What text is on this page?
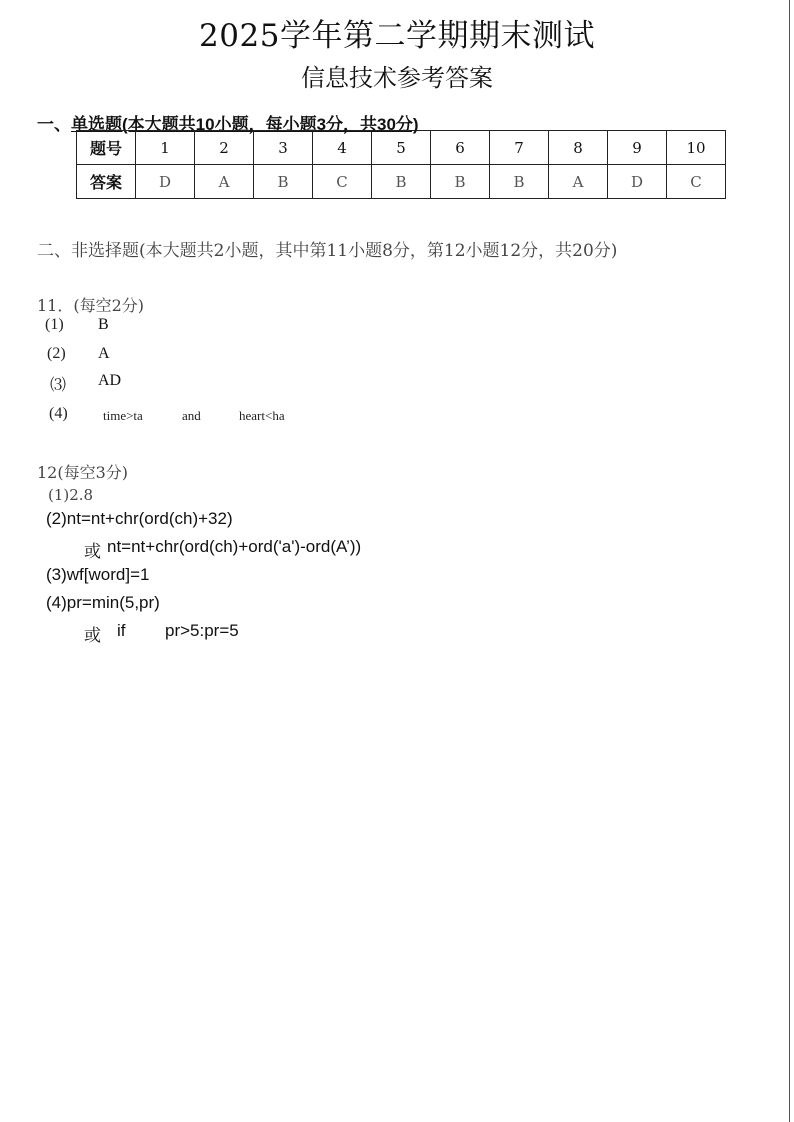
2025学年第二学期期末测试
信息技术参考答案
一、单选题(本大题共10小题，每小题3分，共30分)
题号	1	2	3	4	5	6	7	8	9	10
答案	D	A	B	C	B	B	B	A	D	C
二、非选择题(本大题共2小题，其中第11小题8分，第12小题12分，共20分)
11．(每空2分)
(1) B
(2) A
⑶ AD
(4)	time>ta	and	heart<ha
12(每空3分)
(1)2.8
(2)nt=nt+chr(ord(ch)+32)
或 nt=nt+chr(ord(ch)+ord('a')-ord(A’))
(3)wf[word]=1
(4)pr=min(5,pr)
或 if pr>5:pr=5
